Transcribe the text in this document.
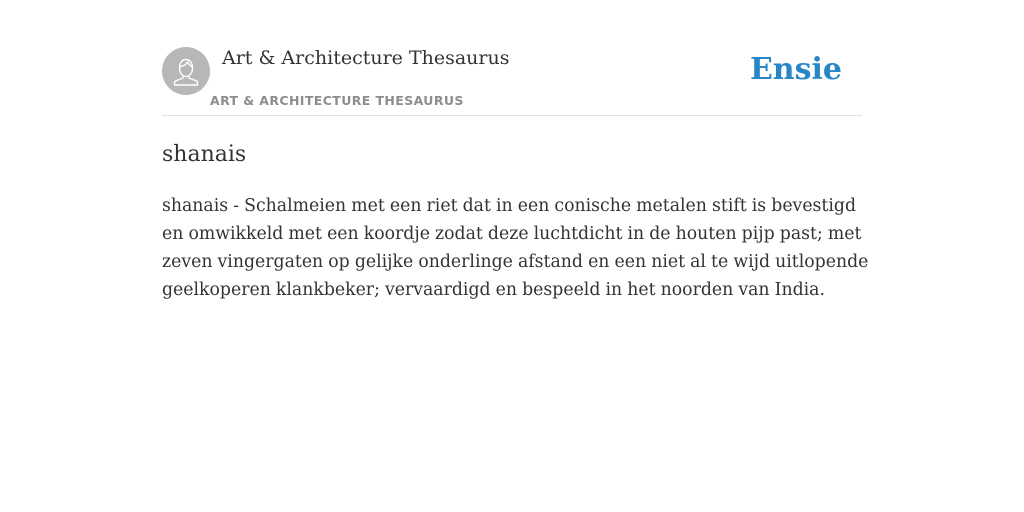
Art & Architecture Thesaurus
ART & ARCHITECTURE THESAURUS
Ensie
shanais

shanais - Schalmeien met een riet dat in een conische metalen stift is bevestigd
en omwikkeld met een koordje zodat deze luchtdicht in de houten pijp past; met
zeven vingergaten op gelijke onderlinge afstand en een niet al te wijd uitlopende
geelkoperen klankbeker; vervaardigd en bespeeld in het noorden van India.
